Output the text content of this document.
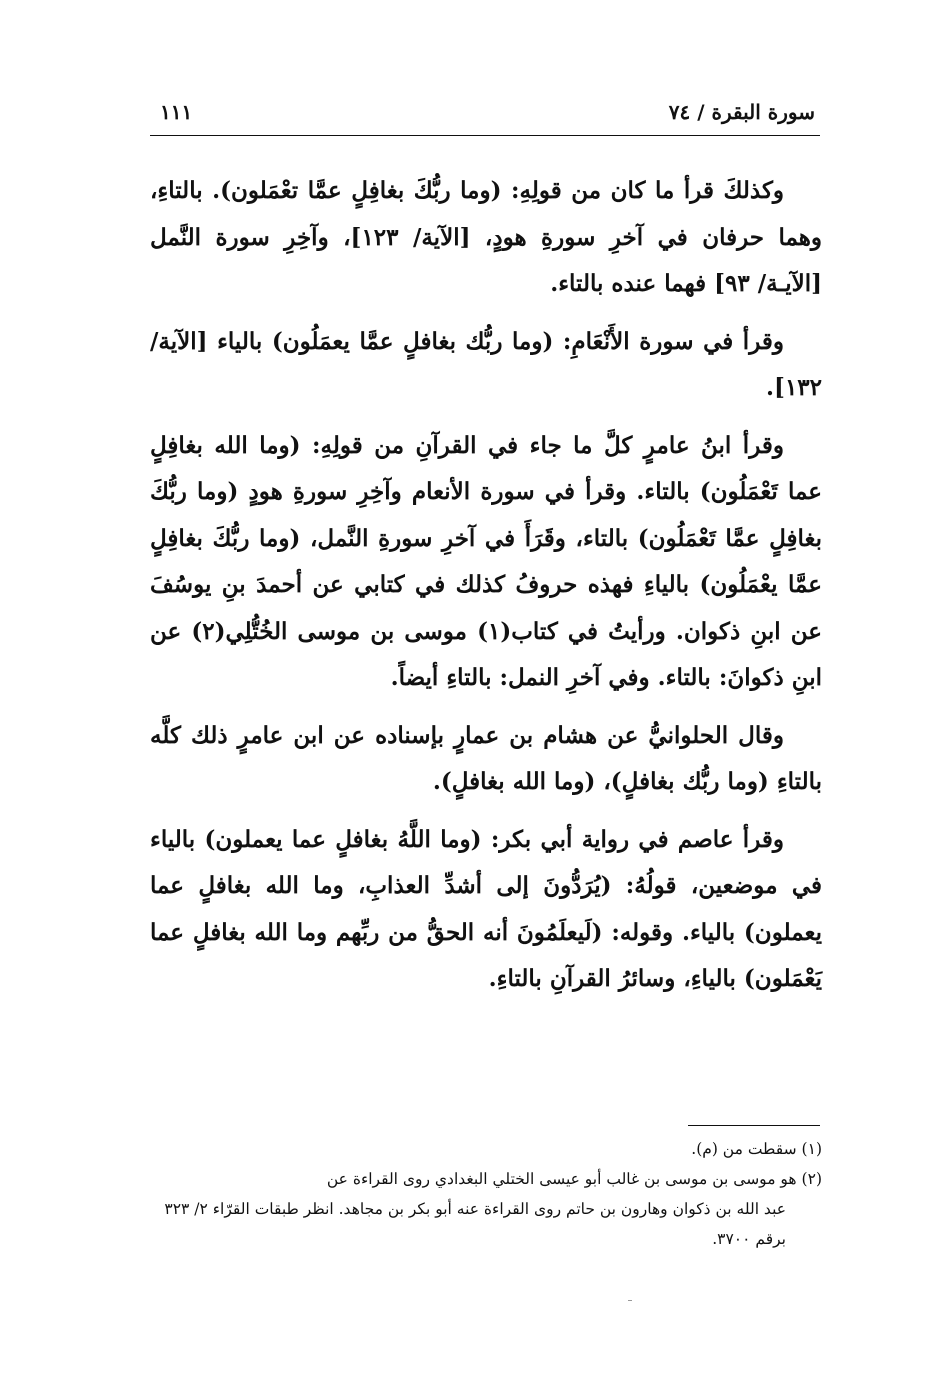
سورة البقرة / ٧٤
١١١

وكذلكَ قرأ ما كان من قولِهِ: (وما ربُّكَ بغافِلٍ عمَّا تعْمَلون). بالتاءِ، وهما حرفان في آخرِ سورةِ هودٍ، [الآية/ ١٢٣]، وآخِرِ سورة النَّمل [الآيـة/ ٩٣] فهما عنده بالتاء.

وقرأ في سورة الأَنْعَامِ: (وما ربُّك بغافلٍ عمَّا يعمَلُون) بالياء [الآية/ ١٣٢].

وقرأ ابنُ عامرٍ كلَّ ما جاء في القرآنِ من قولِهِ: (وما الله بغافِلٍ عما تَعْمَلُون) بالتاء. وقرأ في سورة الأنعام وآخِرِ سورةِ هودٍ (وما ربُّكَ بغافِلٍ عمَّا تَعْمَلُون) بالتاء، وقَرَأَ في آخرِ سورةِ النَّمل، (وما ربُّكَ بغافِلٍ عمَّا يعْمَلُون) بالياءِ فهذه حروفُ كذلك في كتابي عن أحمدَ بنِ يوسُفَ عن ابنِ ذكوان. ورأيتُ في كتاب(١) موسى بن موسى الخُتُّلِي(٢) عن ابنِ ذكوانَ: بالتاء. وفي آخرِ النمل: بالتاءِ أيضاً.

وقال الحلوانيُّ عن هشام بن عمارٍ بإسناده عن ابن عامرٍ ذلك كلَّه بالتاءِ (وما ربُّك بغافلٍ)، (وما الله بغافلٍ).

وقرأ عاصم في رواية أبي بكر: (وما اللَّهُ بغافلٍ عما يعملون) بالياء في موضعين، قولُهُ: (يُرَدُّونَ إلى أشدِّ العذابِ، وما الله بغافلٍ عما يعملون) بالياء. وقوله: (لَيعلَمُونَ أنه الحقُّ من ربِّهم وما الله بغافلٍ عما يَعْمَلون) بالياءِ، وسائرُ القرآنِ بالتاءِ.

(١) سقطت من (م).

(٢) هو موسى بن موسى بن غالب أبو عيسى الختلي البغدادي روى القراءة عن
عبد الله بن ذكوان وهارون بن حاتم روى القراءة عنه أبو بكر بن مجاهد. انظر طبقات القرّاء ٢/ ٣٢٣ برقم ٣٧٠٠.
